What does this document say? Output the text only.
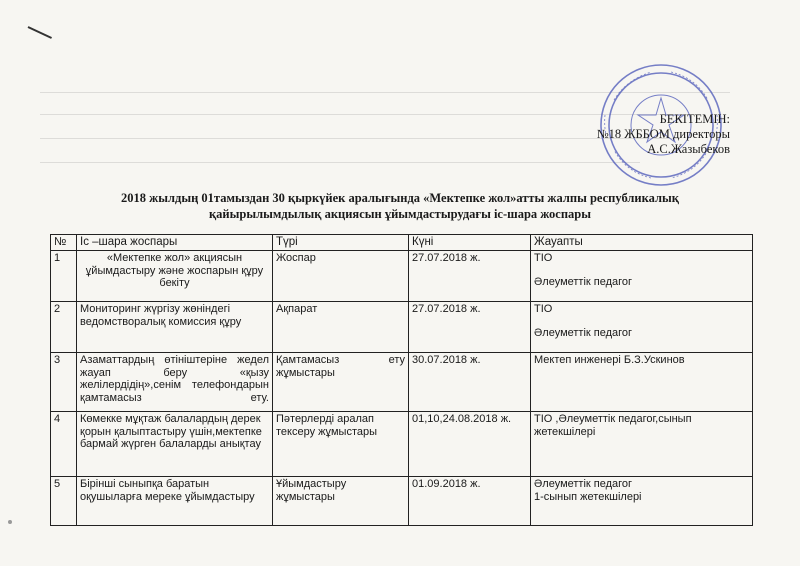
БЕКІТЕМІН:
№18 ЖББОМ директоры
А.С.Жазыбеков
2018 жылдың 01тамыздан 30 қыркүйек аралығында «Мектепке жол»атты жалпы республикалық
қайырылымдылық акциясын ұйымдастырудағы іс-шара жоспары
№	Іс –шара жоспары	Түрі	Күні	Жауапты
1	«Мектепке жол» акциясын ұйымдастыру және жоспарын құру бекіту	Жоспар	27.07.2018 ж.	ТІО
Әлеуметтік педагог

2	Мониторинг жүргізу жөніндегі ведомстворалық комиссия құру	Ақпарат	27.07.2018 ж.	ТІО
Әлеуметтік педагог

3	Азаматтардың өтініштеріне жедел жауап беру «қызу желілердідің»,сенім телефондарын қамтамасыз ету.	Қамтамасыз ету жұмыстары	30.07.2018 ж.	Мектеп инженері Б.З.Ускинов

4	Көмекке мұқтаж балалардың дерек қорын қалыптастыру үшін,мектепке бармай жүрген балаларды анықтау	Пәтерлерді аралап тексеру жұмыстары	01,10,24.08.2018 ж.	ТІО ,Әлеуметтік педагог,сынып жетекшілері

5	Бірінші сыныпқа баратын оқушыларға мереке ұйымдастыру	Ұйымдастыру жұмыстары	01.09.2018 ж.	Әлеуметтік педагог
1-сынып жетекшілері
